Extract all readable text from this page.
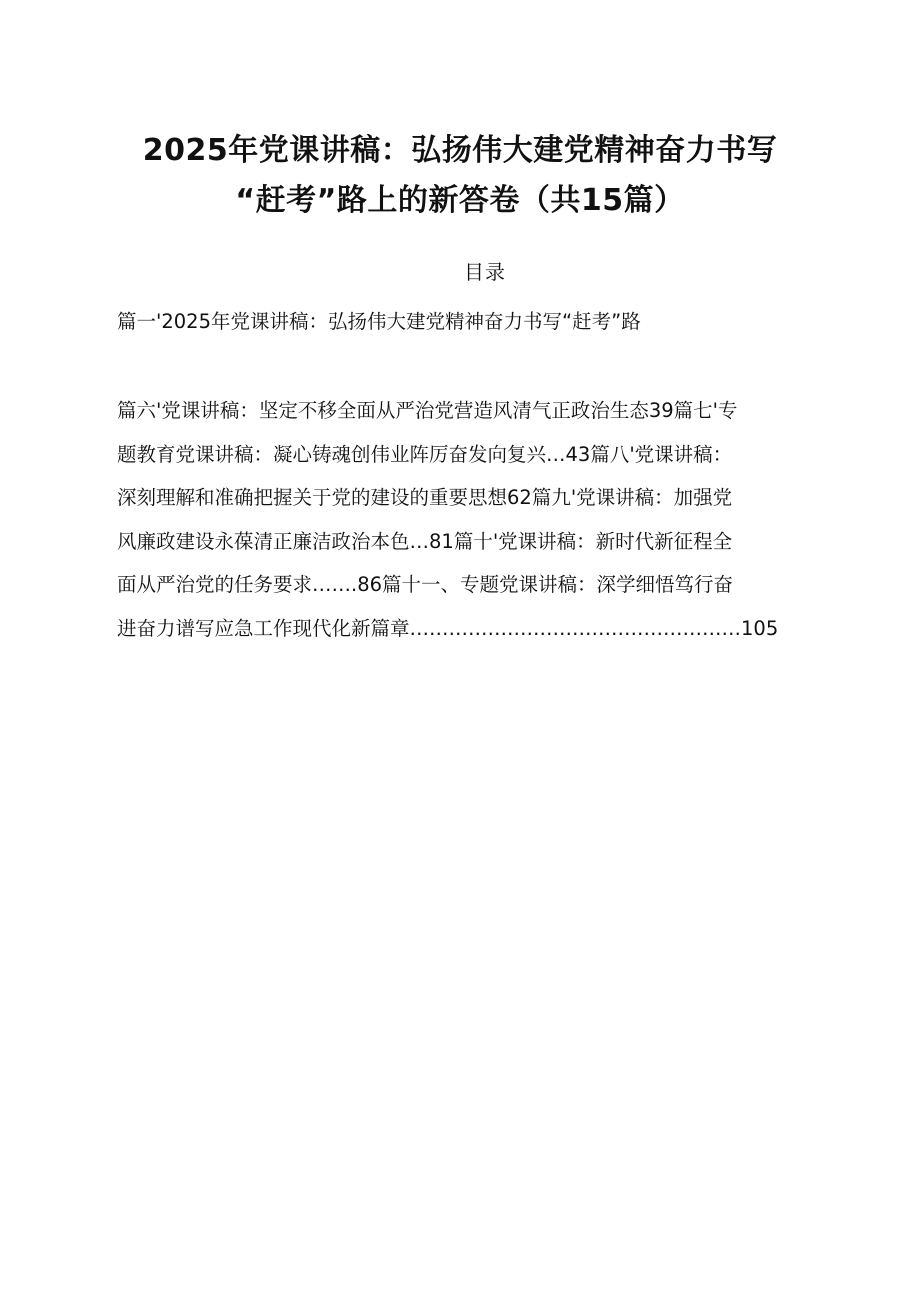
2025年党课讲稿：弘扬伟大建党精神奋力书写
“赶考”路上的新答卷（共15篇）
目录
篇一'2025年党课讲稿：弘扬伟大建党精神奋力书写“赶考”路
篇六'党课讲稿：坚定不移全面从严治党营造风清气正政治生态39篇七'专
题教育党课讲稿：凝心铸魂创伟业阵厉奋发向复兴…43篇八'党课讲稿：
深刻理解和准确把握关于党的建设的重要思想62篇九'党课讲稿：加强党
风廉政建设永葆清正廉洁政治本色…81篇十'党课讲稿：新时代新征程全
面从严治党的任务要求…….86篇十一、专题党课讲稿：深学细悟笃行奋
进奋力谱写应急工作现代化新篇章……………………………………………105
